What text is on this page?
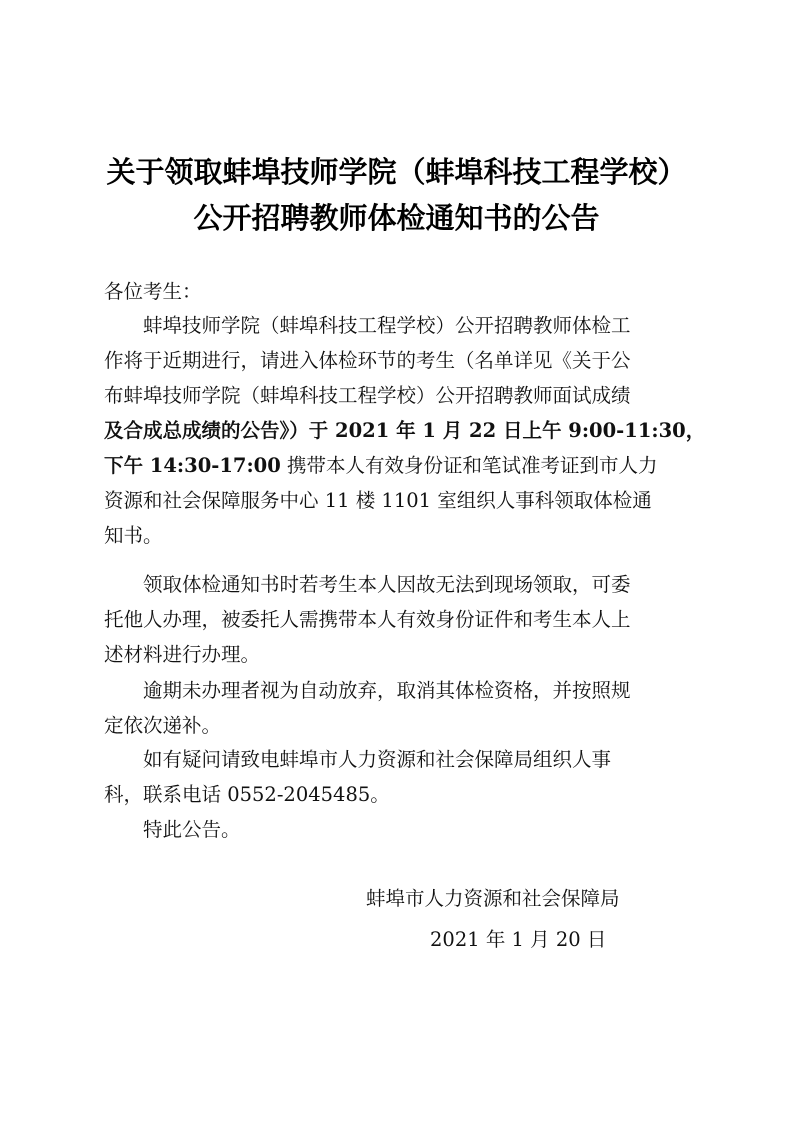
关于领取蚌埠技师学院（蚌埠科技工程学校）
公开招聘教师体检通知书的公告
各位考生：
蚌埠技师学院（蚌埠科技工程学校）公开招聘教师体检工
作将于近期进行，请进入体检环节的考生（名单详见《关于公
布蚌埠技师学院（蚌埠科技工程学校）公开招聘教师面试成绩
及合成总成绩的公告》）于 2021 年 1 月 22 日上午 9:00-11:30，
下午 14:30-17:00 携带本人有效身份证和笔试准考证到市人力
资源和社会保障服务中心 11 楼 1101 室组织人事科领取体检通
知书。
领取体检通知书时若考生本人因故无法到现场领取，可委
托他人办理，被委托人需携带本人有效身份证件和考生本人上
述材料进行办理。
逾期未办理者视为自动放弃，取消其体检资格，并按照规
定依次递补。
如有疑问请致电蚌埠市人力资源和社会保障局组织人事
科，联系电话 0552-2045485。
特此公告。
蚌埠市人力资源和社会保障局
2021 年 1 月 20 日
